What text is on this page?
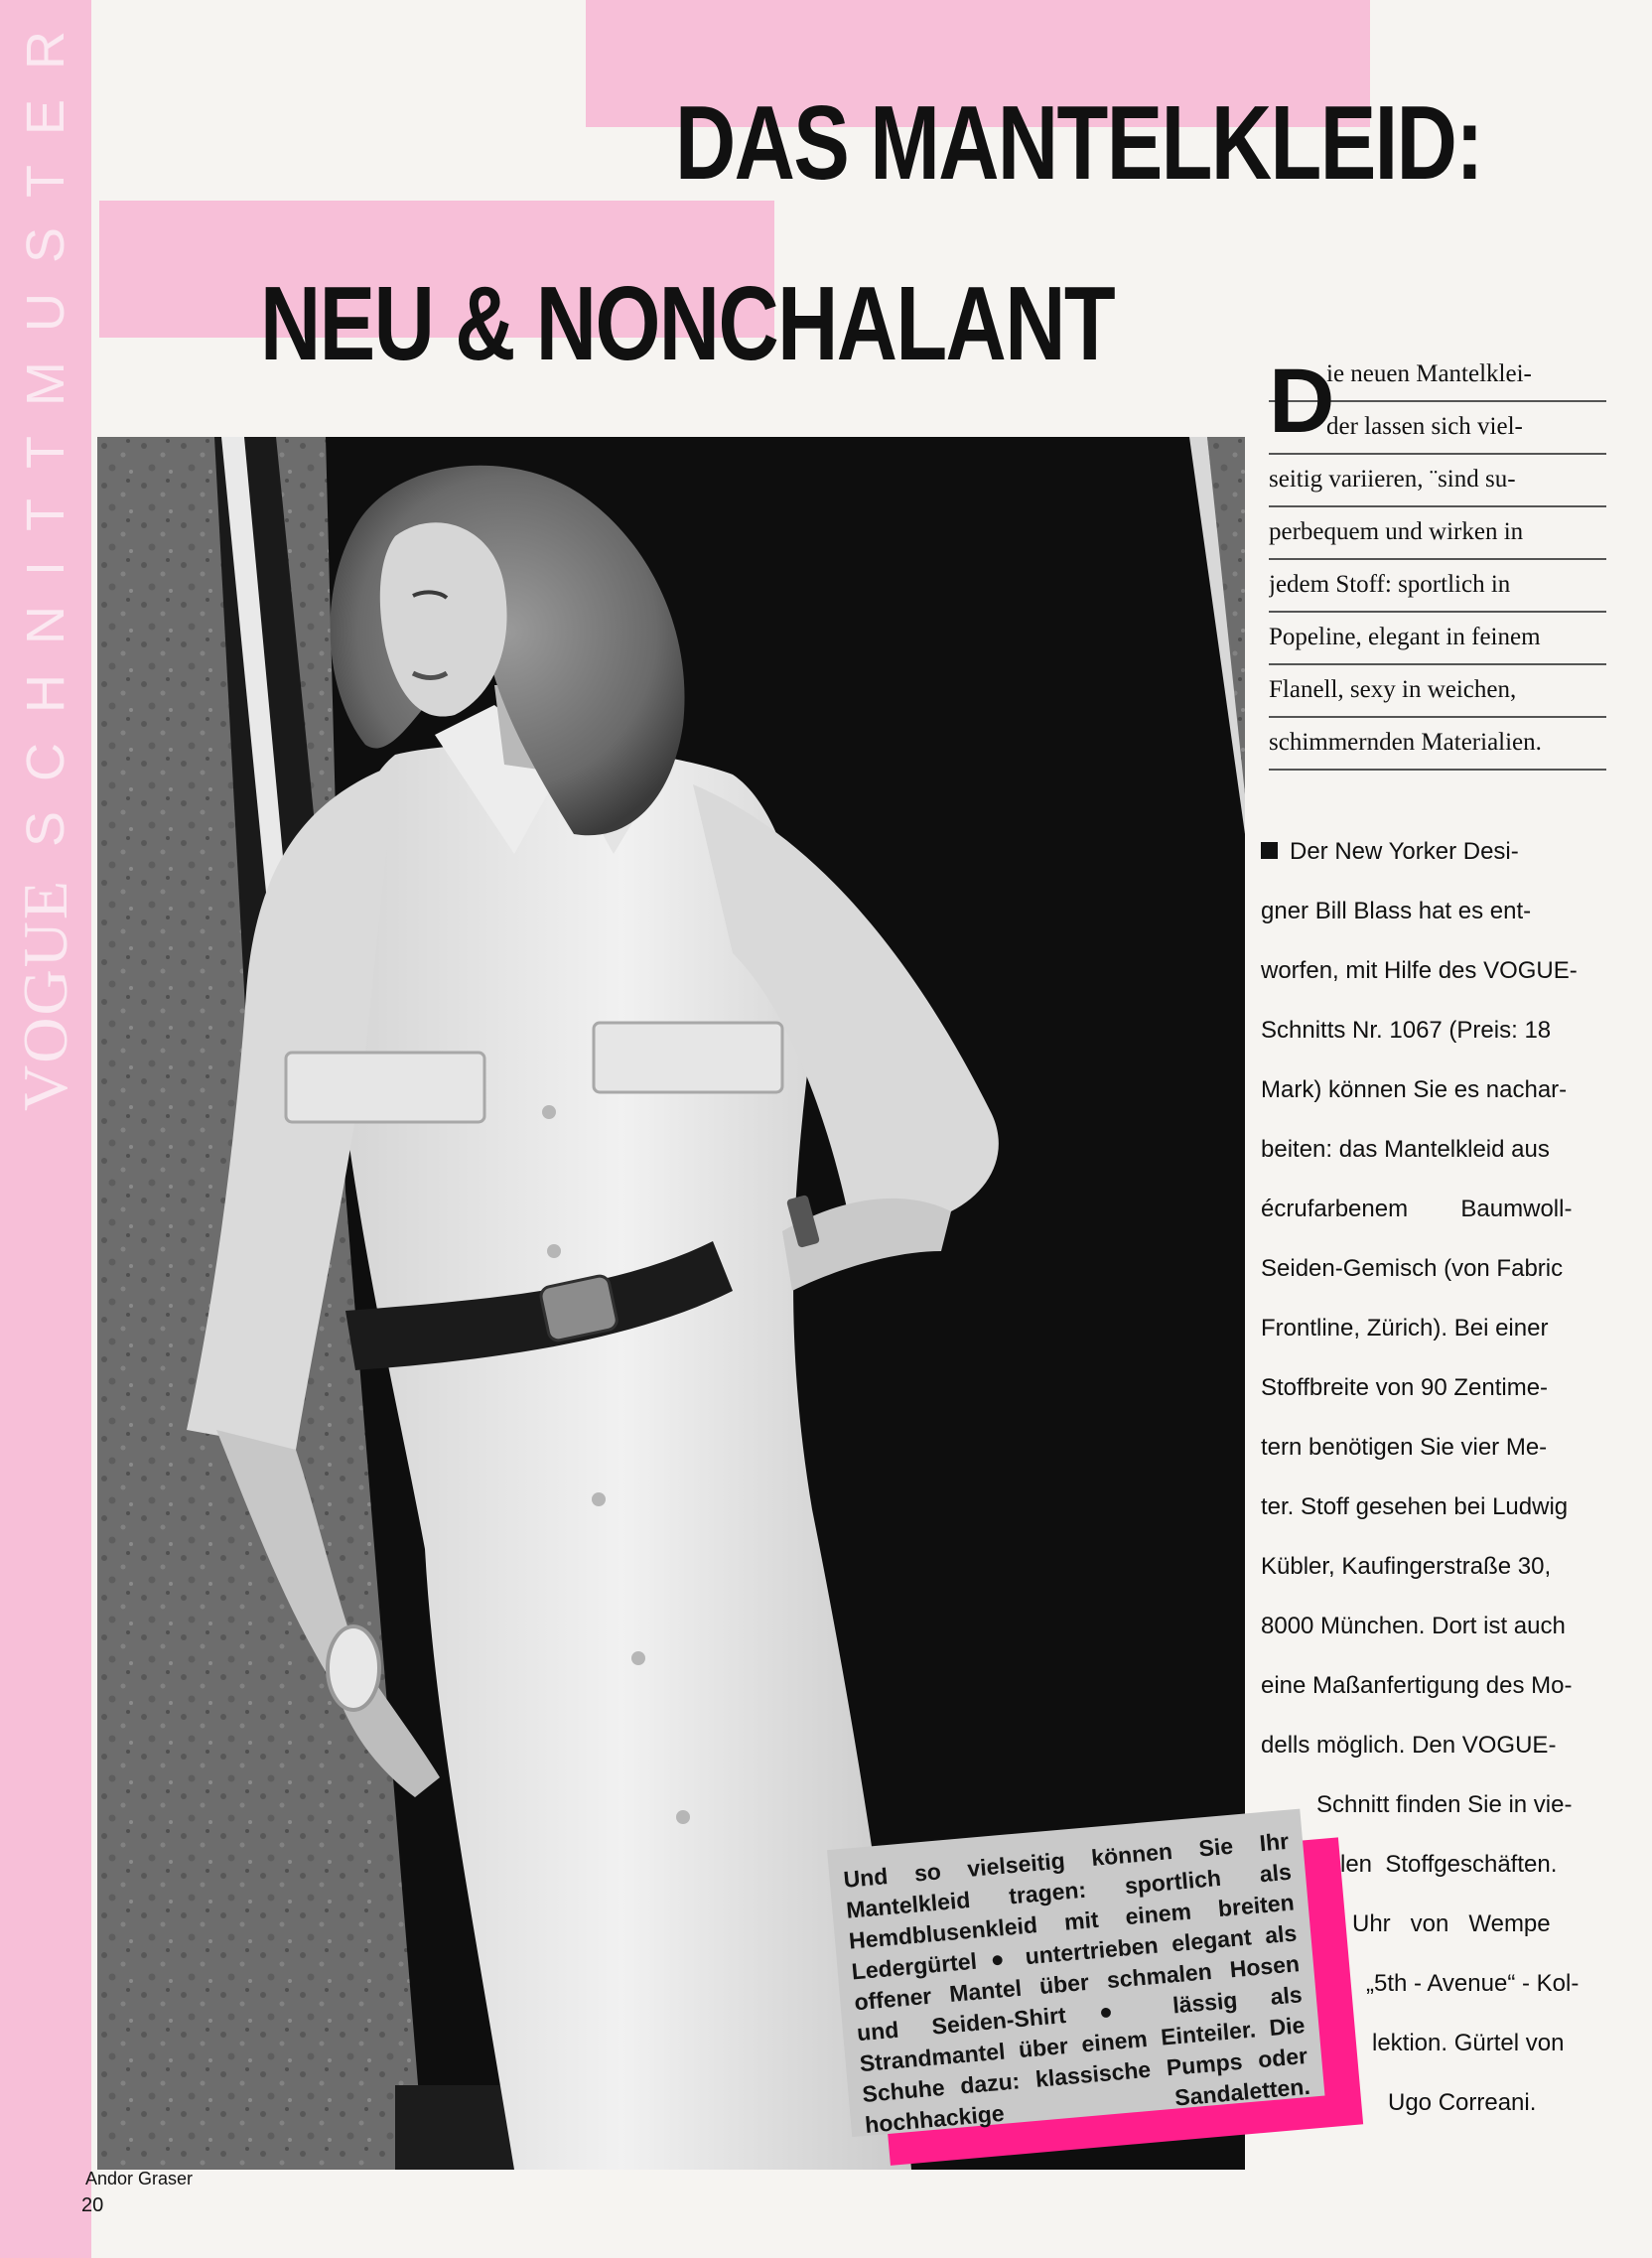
VOGUE
SCHNITTMUSTER	DAS MANTELKLEID:
NEU & NONCHALANT
D
ie neuen Mantelklei-
der lassen sich viel-
seitig variieren, ¨sind su-
perbequem und wirken in
jedem Stoff: sportlich in
Popeline, elegant in feinem
Flanell, sexy in weichen,
schimmernden Materialien.
Der New Yorker Desi-
gner Bill Blass hat es ent-
worfen, mit Hilfe des VOGUE-
Schnitts Nr. 1067 (Preis: 18
Mark) können Sie es nachar-
beiten: das Mantelkleid aus
écrufarbenem        Baumwoll-
Seiden-Gemisch (von Fabric
Frontline, Zürich). Bei einer
Stoffbreite von 90 Zentime-
tern benötigen Sie vier Me-
ter. Stoff gesehen bei Ludwig
Kübler, Kaufingerstraße 30,
8000 München. Dort ist auch
eine Maßanfertigung des Mo-
dells möglich. Den VOGUE-
Schnitt finden Sie in vie-
len  Stoffgeschäften.
Uhr   von   Wempe
„5th - Avenue“ - Kol-
lektion. Gürtel von
Ugo Correani.
Und so vielseitig können Sie Ihr Mantelkleid tragen: sportlich als Hemdblusenkleid mit einem breiten Ledergürtel ● untertrieben elegant als offener Mantel über schmalen Hosen und Seiden-Shirt ● lässig als Strandmantel über einem Einteiler. Die Schuhe dazu: klassische Pumps oder hochhackige Sandaletten.
Andor Graser
20
